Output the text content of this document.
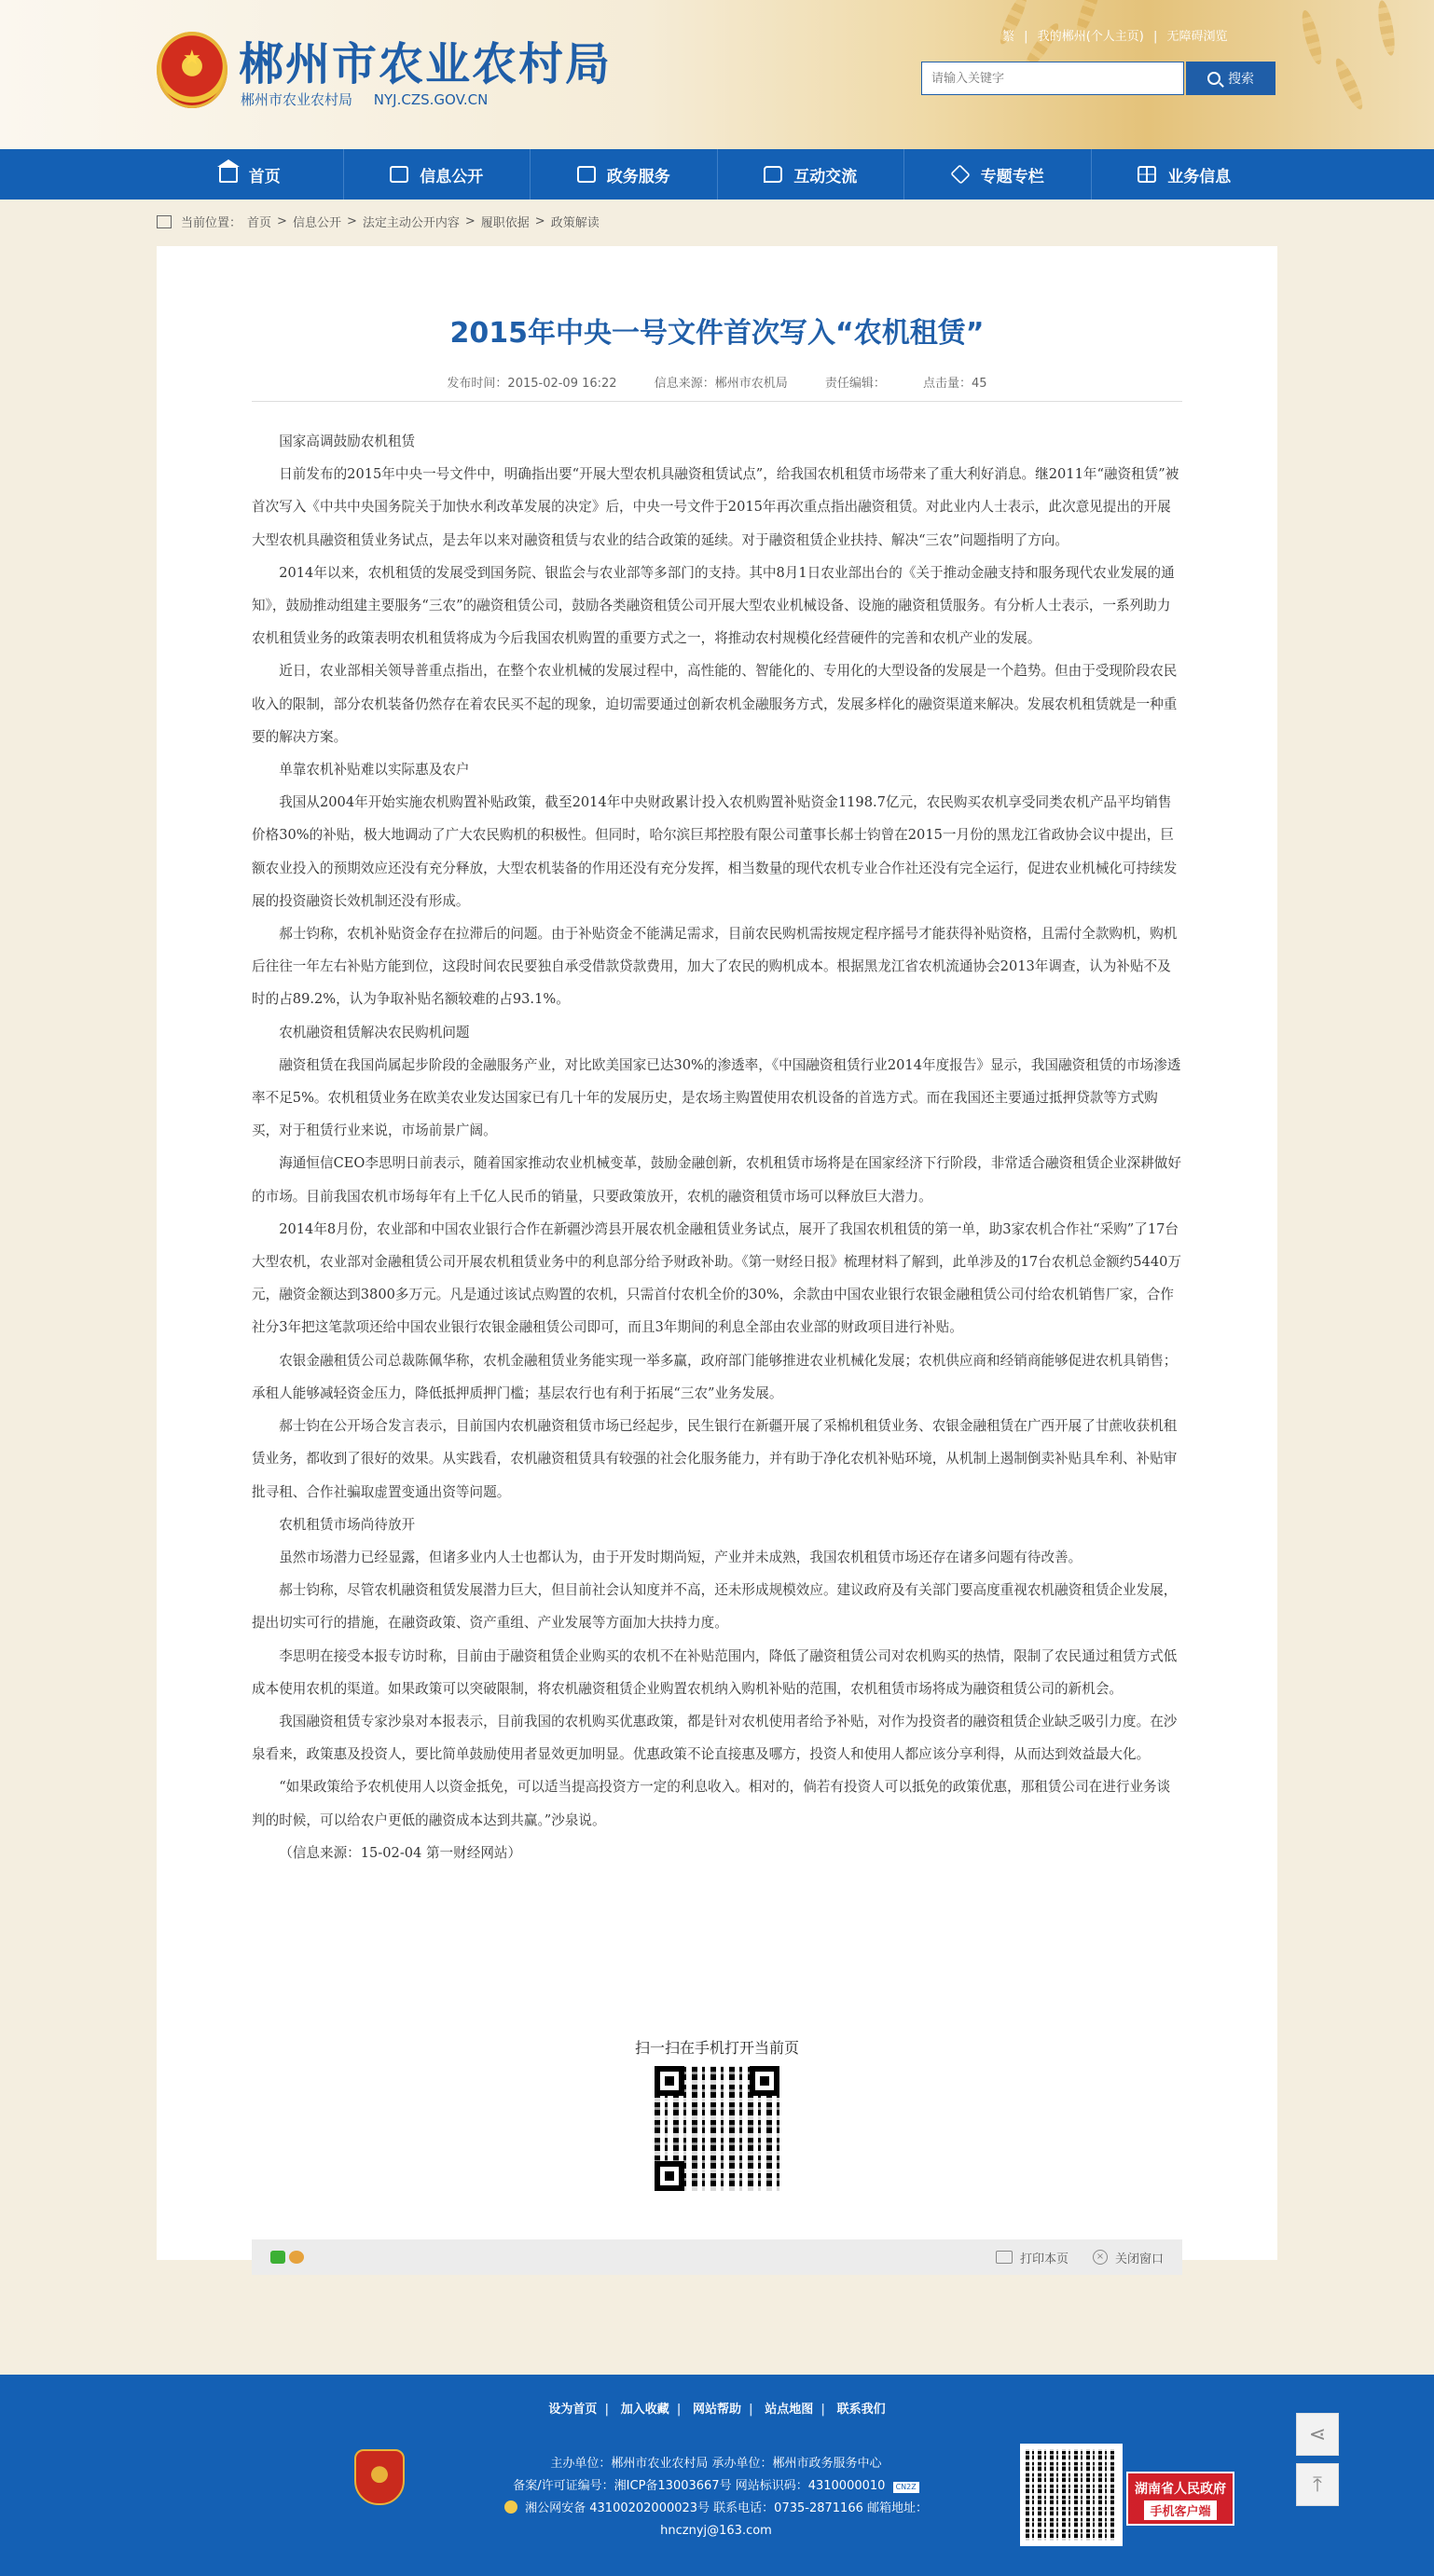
★
郴州市农业农村局
郴州市农业农村局 NYJ.CZS.GOV.CN
繁 | 我的郴州(个人主页) | 无障碍浏览
请输入关键字
搜索
首页	信息公开	政务服务	互动交流	专题专栏	业务信息
当前位置： 首页 > 信息公开 > 法定主动公开内容 > 履职依据 > 政策解读
2015年中央一号文件首次写入“农机租赁”
发布时间：2015-02-09 16:22	信息来源：郴州市农机局	责任编辑：	点击量：45

国家高调鼓励农机租赁

日前发布的2015年中央一号文件中，明确指出要“开展大型农机具融资租赁试点”，给我国农机租赁市场带来了重大利好消息。继2011年“融资租赁”被首次写入《中共中央国务院关于加快水利改革发展的决定》后，中央一号文件于2015年再次重点指出融资租赁。对此业内人士表示，此次意见提出的开展大型农机具融资租赁业务试点，是去年以来对融资租赁与农业的结合政策的延续。对于融资租赁企业扶持、解决“三农”问题指明了方向。

2014年以来，农机租赁的发展受到国务院、银监会与农业部等多部门的支持。其中8月1日农业部出台的《关于推动金融支持和服务现代农业发展的通知》，鼓励推动组建主要服务“三农”的融资租赁公司，鼓励各类融资租赁公司开展大型农业机械设备、设施的融资租赁服务。有分析人士表示，一系列助力农机租赁业务的政策表明农机租赁将成为今后我国农机购置的重要方式之一，将推动农村规模化经营硬件的完善和农机产业的发展。

近日，农业部相关领导普重点指出，在整个农业机械的发展过程中，高性能的、智能化的、专用化的大型设备的发展是一个趋势。但由于受现阶段农民收入的限制，部分农机装备仍然存在着农民买不起的现象，迫切需要通过创新农机金融服务方式，发展多样化的融资渠道来解决。发展农机租赁就是一种重要的解决方案。

单靠农机补贴难以实际惠及农户

我国从2004年开始实施农机购置补贴政策，截至2014年中央财政累计投入农机购置补贴资金1198.7亿元，农民购买农机享受同类农机产品平均销售价格30%的补贴，极大地调动了广大农民购机的积极性。但同时，哈尔滨巨邦控股有限公司董事长郝士钧曾在2015一月份的黑龙江省政协会议中提出，巨额农业投入的预期效应还没有充分释放，大型农机装备的作用还没有充分发挥，相当数量的现代农机专业合作社还没有完全运行，促进农业机械化可持续发展的投资融资长效机制还没有形成。

郝士钧称，农机补贴资金存在拉滞后的问题。由于补贴资金不能满足需求，目前农民购机需按规定程序摇号才能获得补贴资格，且需付全款购机，购机后往往一年左右补贴方能到位，这段时间农民要独自承受借款贷款费用，加大了农民的购机成本。根据黑龙江省农机流通协会2013年调查，认为补贴不及时的占89.2%，认为争取补贴名额较难的占93.1%。

农机融资租赁解决农民购机问题

融资租赁在我国尚属起步阶段的金融服务产业，对比欧美国家已达30%的渗透率，《中国融资租赁行业2014年度报告》显示，我国融资租赁的市场渗透率不足5%。农机租赁业务在欧美农业发达国家已有几十年的发展历史，是农场主购置使用农机设备的首选方式。而在我国还主要通过抵押贷款等方式购买，对于租赁行业来说，市场前景广阔。

海通恒信CEO李思明日前表示，随着国家推动农业机械变革，鼓励金融创新，农机租赁市场将是在国家经济下行阶段，非常适合融资租赁企业深耕做好的市场。目前我国农机市场每年有上千亿人民币的销量，只要政策放开，农机的融资租赁市场可以释放巨大潜力。

2014年8月份，农业部和中国农业银行合作在新疆沙湾县开展农机金融租赁业务试点，展开了我国农机租赁的第一单，助3家农机合作社“采购”了17台大型农机，农业部对金融租赁公司开展农机租赁业务中的利息部分给予财政补助。《第一财经日报》梳理材料了解到，此单涉及的17台农机总金额约5440万元，融资金额达到3800多万元。凡是通过该试点购置的农机，只需首付农机全价的30%，余款由中国农业银行农银金融租赁公司付给农机销售厂家，合作社分3年把这笔款项还给中国农业银行农银金融租赁公司即可，而且3年期间的利息全部由农业部的财政项目进行补贴。

农银金融租赁公司总裁陈佩华称，农机金融租赁业务能实现一举多赢，政府部门能够推进农业机械化发展；农机供应商和经销商能够促进农机具销售；承租人能够减轻资金压力，降低抵押质押门槛；基层农行也有利于拓展“三农”业务发展。

郝士钧在公开场合发言表示，目前国内农机融资租赁市场已经起步，民生银行在新疆开展了采棉机租赁业务、农银金融租赁在广西开展了甘蔗收获机租赁业务，都收到了很好的效果。从实践看，农机融资租赁具有较强的社会化服务能力，并有助于净化农机补贴环境，从机制上遏制倒卖补贴具牟利、补贴审批寻租、合作社骗取虚置变通出资等问题。

农机租赁市场尚待放开

虽然市场潜力已经显露，但诸多业内人士也都认为，由于开发时期尚短，产业并未成熟，我国农机租赁市场还存在诸多问题有待改善。

郝士钧称，尽管农机融资租赁发展潜力巨大，但目前社会认知度并不高，还未形成规模效应。建议政府及有关部门要高度重视农机融资租赁企业发展，提出切实可行的措施，在融资政策、资产重组、产业发展等方面加大扶持力度。

李思明在接受本报专访时称，目前由于融资租赁企业购买的农机不在补贴范围内，降低了融资租赁公司对农机购买的热情，限制了农民通过租赁方式低成本使用农机的渠道。如果政策可以突破限制，将农机融资租赁企业购置农机纳入购机补贴的范围，农机租赁市场将成为融资租赁公司的新机会。

我国融资租赁专家沙泉对本报表示，目前我国的农机购买优惠政策，都是针对农机使用者给予补贴，对作为投资者的融资租赁企业缺乏吸引力度。在沙泉看来，政策惠及投资人，要比简单鼓励使用者显效更加明显。优惠政策不论直接惠及哪方，投资人和使用人都应该分享利得，从而达到效益最大化。

“如果政策给予农机使用人以资金抵免，可以适当提高投资方一定的利息收入。相对的，倘若有投资人可以抵免的政策优惠，那租赁公司在进行业务谈判的时候，可以给农户更低的融资成本达到共赢。”沙泉说。

（信息来源：15-02-04 第一财经网站）

扫一扫在手机打开当前页
打印本页	× 关闭窗口
设为首页 | 加入收藏 | 网站帮助 | 站点地图 | 联系我们
主办单位：郴州市农业农村局 承办单位：郴州市政务服务中心
备案/许可证编号：湘ICP备13003667号 网站标识码：4310000010 CN2Z
湘公网安备 43100202000023号 联系电话：0735-2871166 邮箱地址：
hncznyj@163.com
湖南省人民政府
手机客户端
⋖
⤒
